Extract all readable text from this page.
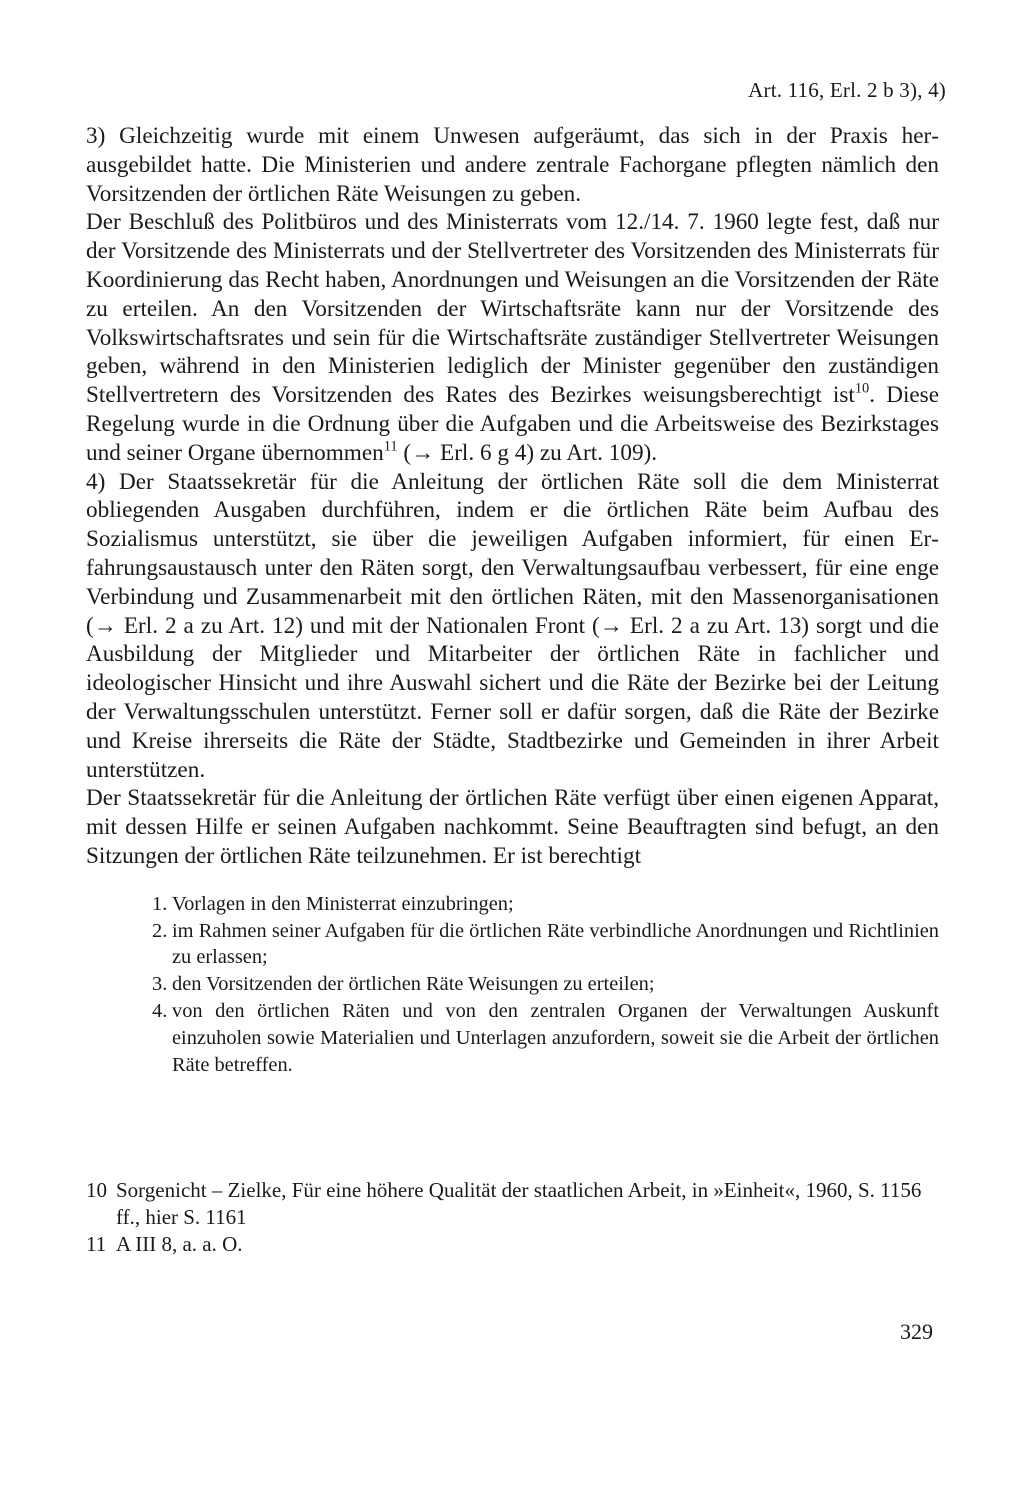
Art. 116, Erl. 2 b 3), 4)

3) Gleichzeitig wurde mit einem Unwesen aufgeräumt, das sich in der Praxis herausgebildet hatte. Die Ministerien und andere zentrale Fachorgane pflegten nämlich den Vorsitzenden der örtlichen Räte Weisungen zu geben.

Der Beschluß des Politbüros und des Ministerrats vom 12./14. 7. 1960 legte fest, daß nur der Vorsitzende des Ministerrats und der Stellvertreter des Vorsitzenden des Ministerrats für Koordinierung das Recht haben, Anordnungen und Weisungen an die Vorsitzenden der Räte zu erteilen. An den Vorsitzenden der Wirtschaftsräte kann nur der Vorsitzende des Volkswirtschaftsrates und sein für die Wirtschaftsräte zuständiger Stellvertreter Weisungen geben, während in den Ministerien lediglich der Minister gegenüber den zuständigen Stellvertretern des Vorsitzenden des Rates des Bezirkes weisungsberechtigt ist$^{10}$. Diese Regelung wurde in die Ordnung über die Aufgaben und die Arbeitsweise des Bezirkstages und seiner Organe übernommen$^{11}$ (→ Erl. 6 g 4) zu Art. 109).

4) Der Staatssekretär für die Anleitung der örtlichen Räte soll die dem Ministerrat obliegenden Ausgaben durchführen, indem er die örtlichen Räte beim Aufbau des Sozialismus unterstützt, sie über die jeweiligen Aufgaben informiert, für einen Erfahrungsaustausch unter den Räten sorgt, den Verwaltungsaufbau verbessert, für eine enge Verbindung und Zusammenarbeit mit den örtlichen Räten, mit den Massenorganisationen (→ Erl. 2 a zu Art. 12) und mit der Nationalen Front (→ Erl. 2 a zu Art. 13) sorgt und die Ausbildung der Mitglieder und Mitarbeiter der örtlichen Räte in fachlicher und ideologischer Hinsicht und ihre Auswahl sichert und die Räte der Bezirke bei der Leitung der Verwaltungsschulen unterstützt. Ferner soll er dafür sorgen, daß die Räte der Bezirke und Kreise ihrerseits die Räte der Städte, Stadtbezirke und Gemeinden in ihrer Arbeit unterstützen.

Der Staatssekretär für die Anleitung der örtlichen Räte verfügt über einen eigenen Apparat, mit dessen Hilfe er seinen Aufgaben nachkommt. Seine Beauftragten sind befugt, an den Sitzungen der örtlichen Räte teilzunehmen. Er ist berechtigt

1. Vorlagen in den Ministerrat einzubringen;
2. im Rahmen seiner Aufgaben für die örtlichen Räte verbindliche Anordnungen und Richtlinien zu erlassen;
3. den Vorsitzenden der örtlichen Räte Weisungen zu erteilen;
4. von den örtlichen Räten und von den zentralen Organen der Verwaltungen Auskunft einzuholen sowie Materialien und Unterlagen anzufordern, soweit sie die Arbeit der örtlichen Räte betreffen.
10 Sorgenicht – Zielke, Für eine höhere Qualität der staatlichen Arbeit, in »Einheit«, 1960, S. 1156 ff., hier S. 1161
11 A III 8, a. a. O.
329
